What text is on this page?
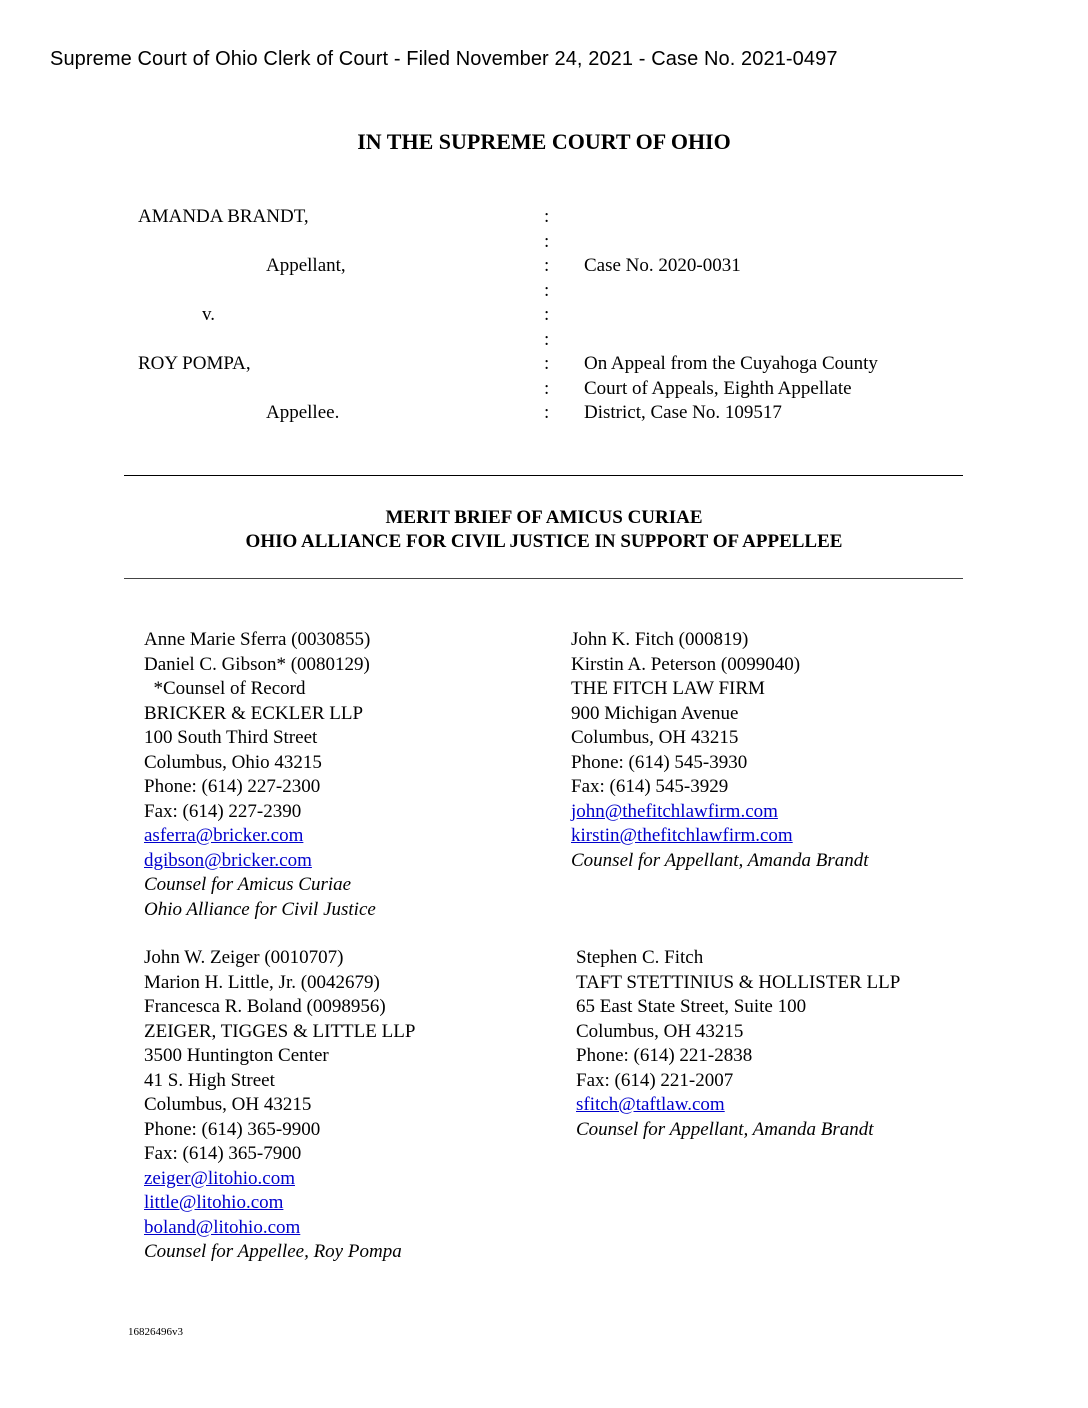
Supreme Court of Ohio Clerk of Court - Filed November 24, 2021 - Case No. 2021-0497
IN THE SUPREME COURT OF OHIO
AMANDA BRANDT,	:
:
Appellant,	: Case No. 2020-0031
:
v.	:
:
ROY POMPA,	: On Appeal from the Cuyahoga County
: Court of Appeals, Eighth Appellate
Appellee.	: District, Case No. 109517
MERIT BRIEF OF AMICUS CURIAE
OHIO ALLIANCE FOR CIVIL JUSTICE IN SUPPORT OF APPELLEE
Anne Marie Sferra (0030855)
Daniel C. Gibson* (0080129)
*Counsel of Record
BRICKER & ECKLER LLP
100 South Third Street
Columbus, Ohio 43215
Phone: (614) 227-2300
Fax: (614) 227-2390
asferra@bricker.com
dgibson@bricker.com
Counsel for Amicus Curiae
Ohio Alliance for Civil Justice
John K. Fitch (000819)
Kirstin A. Peterson (0099040)
THE FITCH LAW FIRM
900 Michigan Avenue
Columbus, OH 43215
Phone: (614) 545-3930
Fax: (614) 545-3929
john@thefitchlawfirm.com
kirstin@thefitchlawfirm.com
Counsel for Appellant, Amanda Brandt
John W. Zeiger (0010707)
Marion H. Little, Jr. (0042679)
Francesca R. Boland (0098956)
ZEIGER, TIGGES & LITTLE LLP
3500 Huntington Center
41 S. High Street
Columbus, OH 43215
Phone: (614) 365-9900
Fax: (614) 365-7900
zeiger@litohio.com
little@litohio.com
boland@litohio.com
Counsel for Appellee, Roy Pompa
Stephen C. Fitch
TAFT STETTINIUS & HOLLISTER LLP
65 East State Street, Suite 100
Columbus, OH 43215
Phone: (614) 221-2838
Fax: (614) 221-2007
sfitch@taftlaw.com
Counsel for Appellant, Amanda Brandt
16826496v3
